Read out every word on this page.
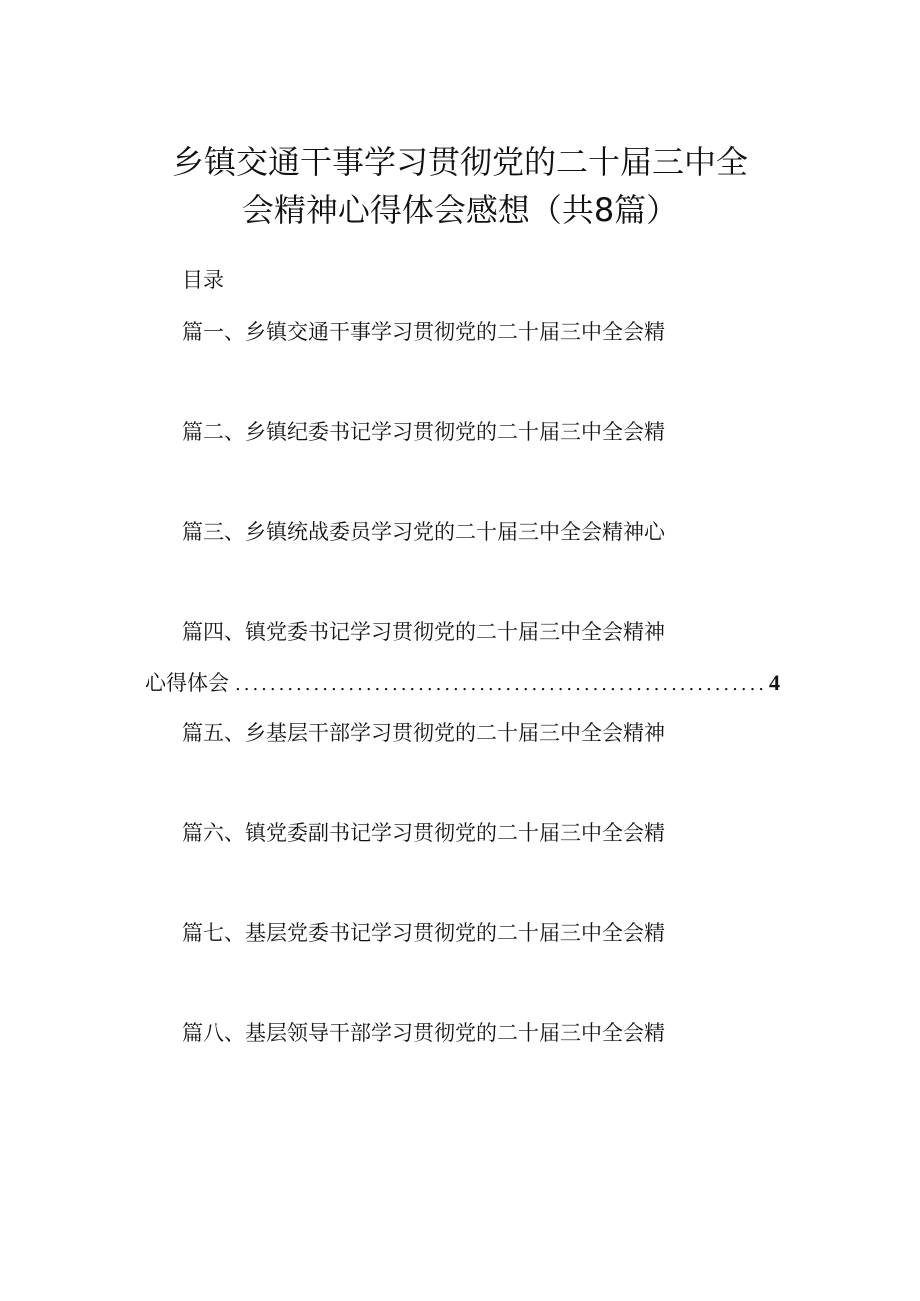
乡镇交通干事学习贯彻党的二十届三中全
会精神心得体会感想（共8篇）
目录
篇一、乡镇交通干事学习贯彻党的二十届三中全会精
篇二、乡镇纪委书记学习贯彻党的二十届三中全会精
篇三、乡镇统战委员学习党的二十届三中全会精神心
篇四、镇党委书记学习贯彻党的二十届三中全会精神
心得体会
.....	4
篇五、乡基层干部学习贯彻党的二十届三中全会精神
篇六、镇党委副书记学习贯彻党的二十届三中全会精
篇七、基层党委书记学习贯彻党的二十届三中全会精
篇八、基层领导干部学习贯彻党的二十届三中全会精
